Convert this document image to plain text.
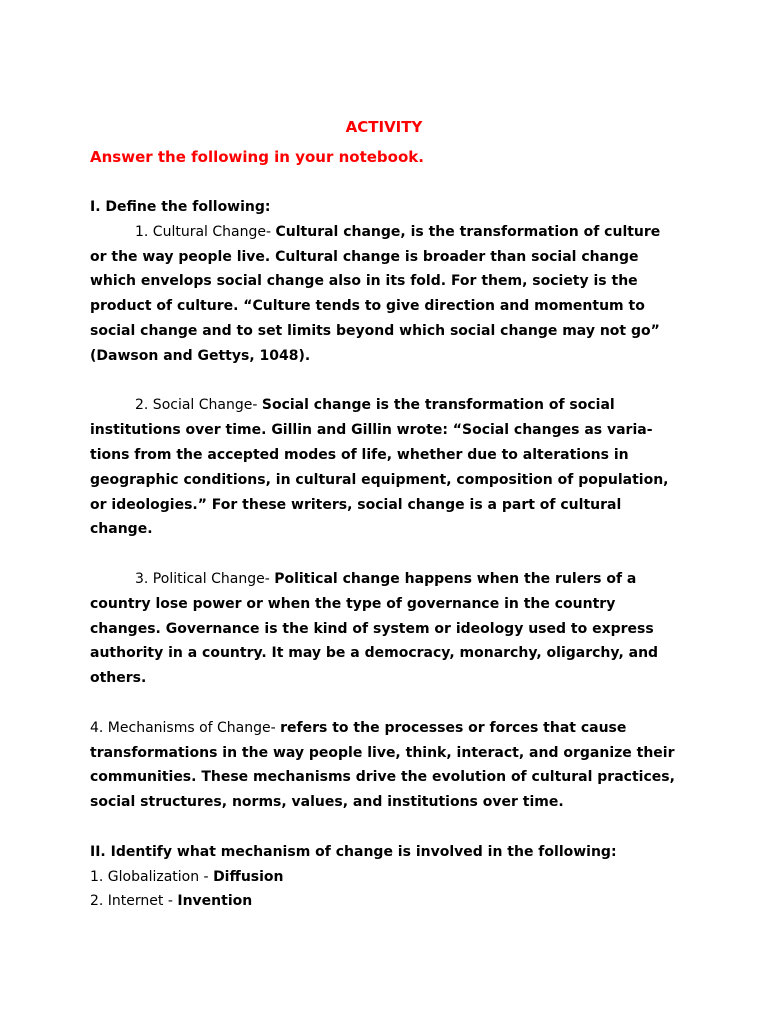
ACTIVITY
Answer the following in your notebook.
I. Define the following:

1. Cultural Change- Cultural change, is the transformation of culture or the way people live. Cultural change is broader than social change which envelops social change also in its fold. For them, society is the product of culture. “Culture tends to give direction and momentum to social change and to set limits beyond which social change may not go” (Dawson and Gettys, 1048).

2. Social Change- Social change is the transformation of social institutions over time. Gillin and Gillin wrote: “Social changes as varia-tions from the accepted modes of life, whether due to alterations in geographic conditions, in cultural equipment, composition of population, or ideologies.” For these writers, social change is a part of cultural change.

3. Political Change- Political change happens when the rulers of a country lose power or when the type of governance in the country changes. Governance is the kind of system or ideology used to express authority in a country. It may be a democracy, monarchy, oligarchy, and others.

4. Mechanisms of Change- refers to the processes or forces that cause transformations in the way people live, think, interact, and organize their communities. These mechanisms drive the evolution of cultural practices, social structures, norms, values, and institutions over time.

II. Identify what mechanism of change is involved in the following:

1. Globalization - Diffusion

2. Internet - Invention
